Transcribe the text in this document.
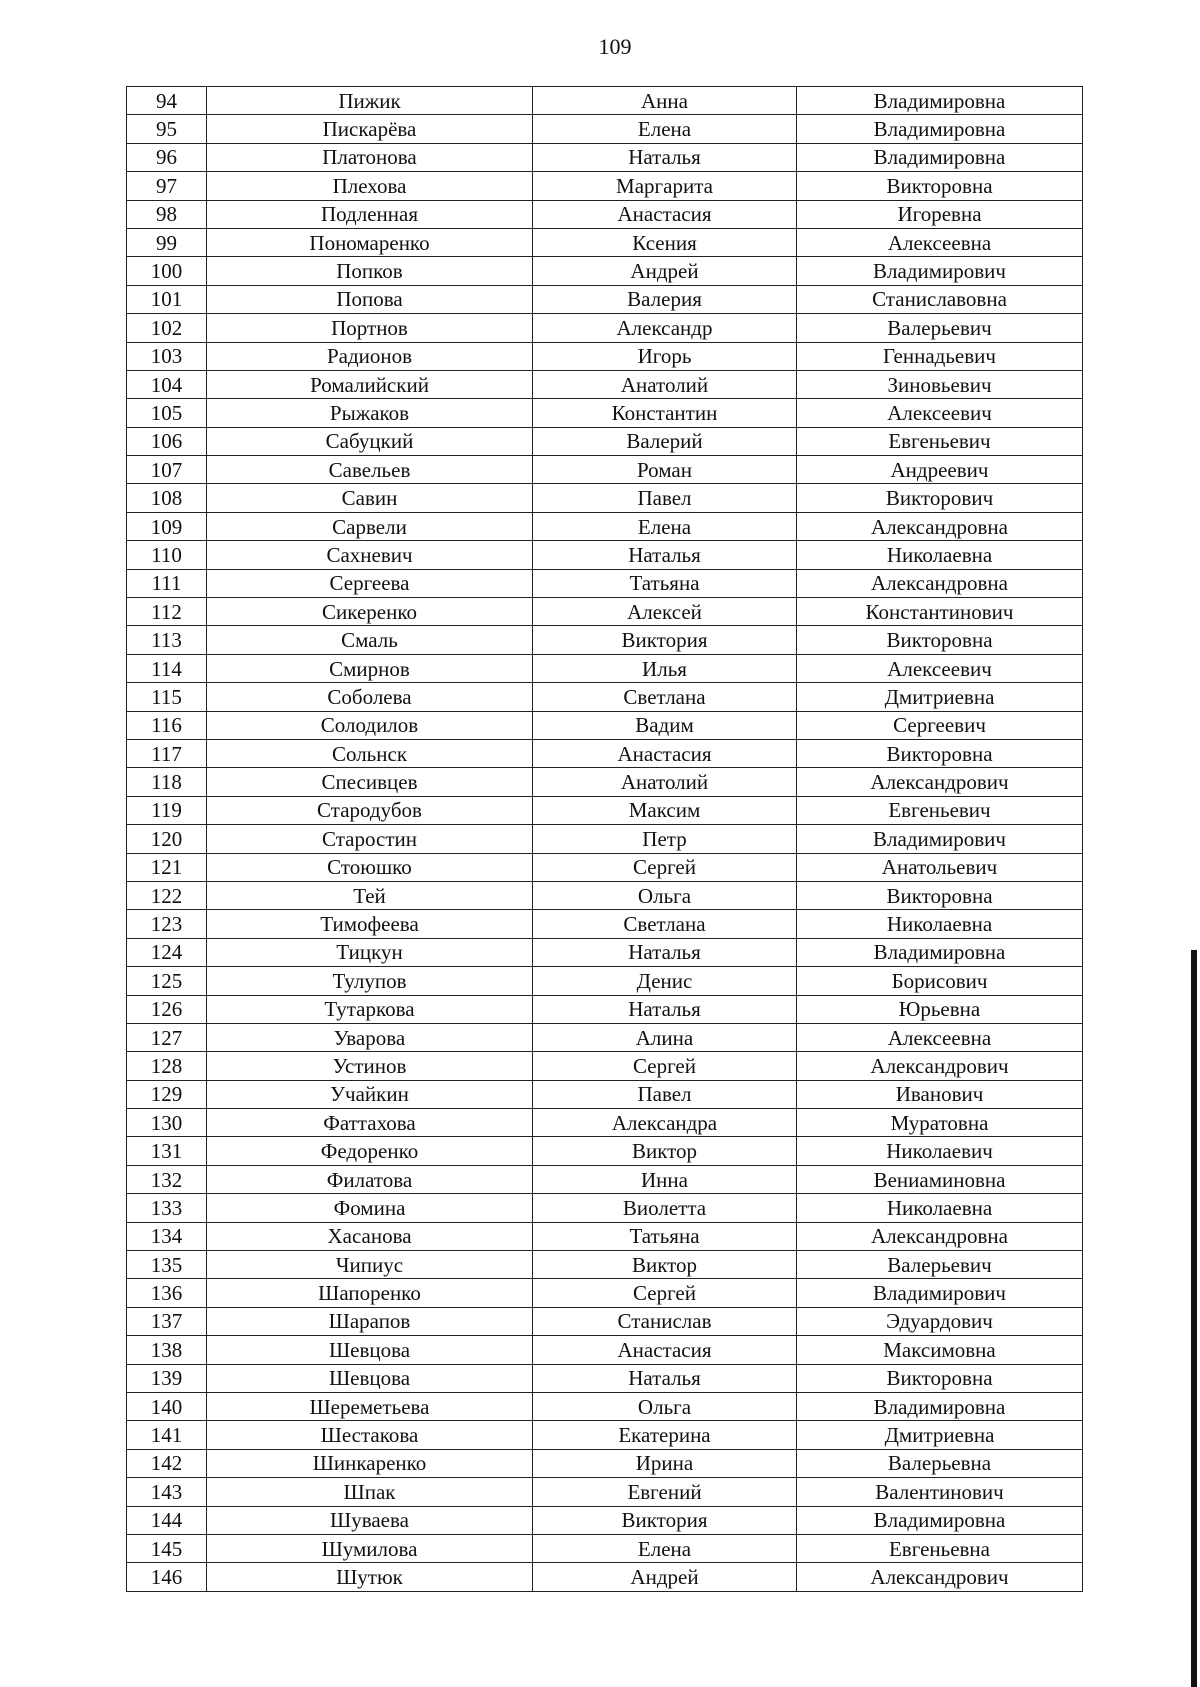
109
94	Пижик	Анна	Владимировна
95	Пискарёва	Елена	Владимировна
96	Платонова	Наталья	Владимировна
97	Плехова	Маргарита	Викторовна
98	Подленная	Анастасия	Игоревна
99	Пономаренко	Ксения	Алексеевна
100	Попков	Андрей	Владимирович
101	Попова	Валерия	Станиславовна
102	Портнов	Александр	Валерьевич
103	Радионов	Игорь	Геннадьевич
104	Ромалийский	Анатолий	Зиновьевич
105	Рыжаков	Константин	Алексеевич
106	Сабуцкий	Валерий	Евгеньевич
107	Савельев	Роман	Андреевич
108	Савин	Павел	Викторович
109	Сарвели	Елена	Александровна
110	Сахневич	Наталья	Николаевна
111	Сергеева	Татьяна	Александровна
112	Сикеренко	Алексей	Константинович
113	Смаль	Виктория	Викторовна
114	Смирнов	Илья	Алексеевич
115	Соболева	Светлана	Дмитриевна
116	Солодилов	Вадим	Сергеевич
117	Сольнск	Анастасия	Викторовна
118	Спесивцев	Анатолий	Александрович
119	Стародубов	Максим	Евгеньевич
120	Старостин	Петр	Владимирович
121	Стоюшко	Сергей	Анатольевич
122	Тей	Ольга	Викторовна
123	Тимофеева	Светлана	Николаевна
124	Тицкун	Наталья	Владимировна
125	Тулупов	Денис	Борисович
126	Тутаркова	Наталья	Юрьевна
127	Уварова	Алина	Алексеевна
128	Устинов	Сергей	Александрович
129	Учайкин	Павел	Иванович
130	Фаттахова	Александра	Муратовна
131	Федоренко	Виктор	Николаевич
132	Филатова	Инна	Вениаминовна
133	Фомина	Виолетта	Николаевна
134	Хасанова	Татьяна	Александровна
135	Чипиус	Виктор	Валерьевич
136	Шапоренко	Сергей	Владимирович
137	Шарапов	Станислав	Эдуардович
138	Шевцова	Анастасия	Максимовна
139	Шевцова	Наталья	Викторовна
140	Шереметьева	Ольга	Владимировна
141	Шестакова	Екатерина	Дмитриевна
142	Шинкаренко	Ирина	Валерьевна
143	Шпак	Евгений	Валентинович
144	Шуваева	Виктория	Владимировна
145	Шумилова	Елена	Евгеньевна
146	Шутюк	Андрей	Александрович
